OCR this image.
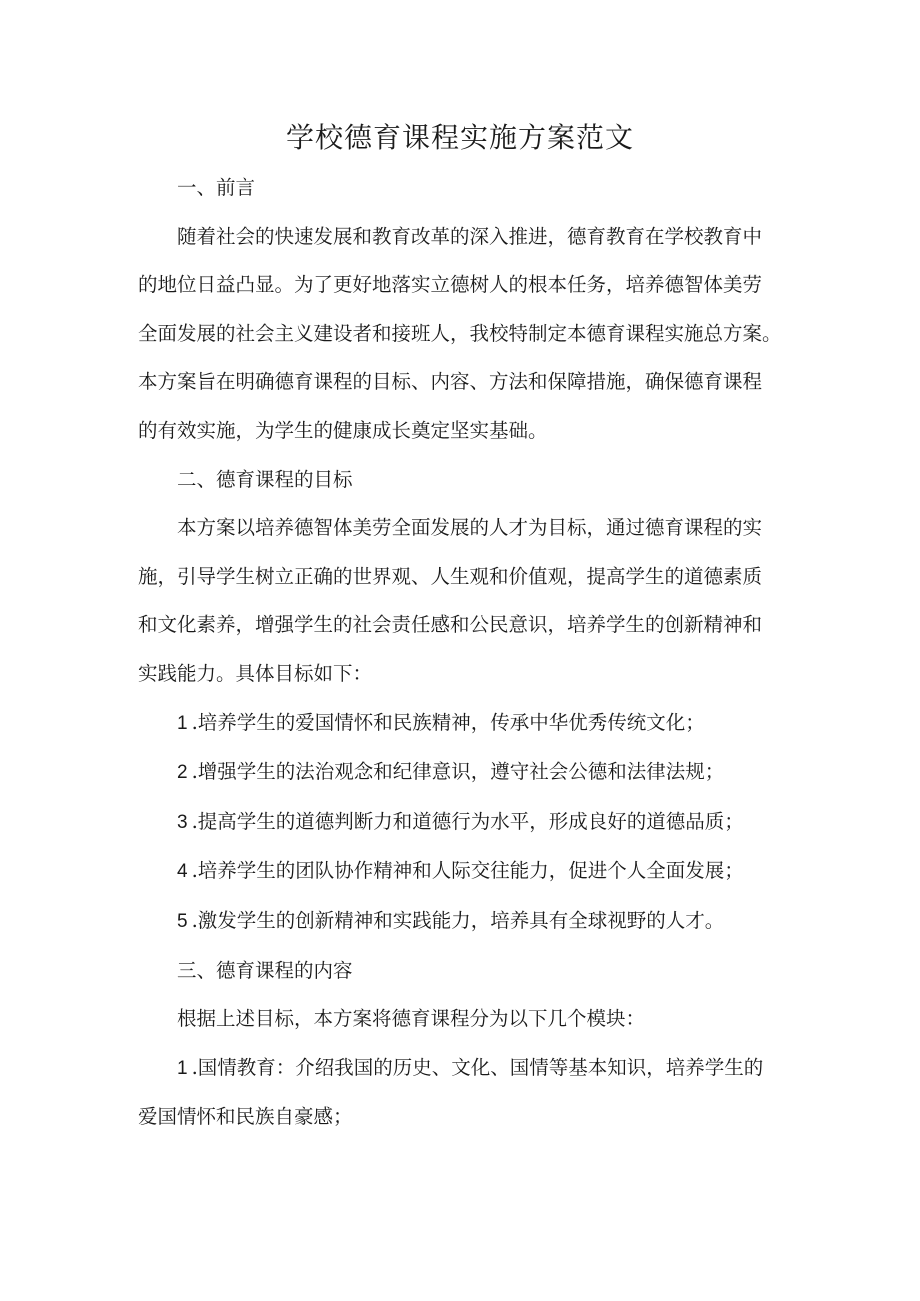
学校德育课程实施方案范文

一、前言

随着社会的快速发展和教育改革的深入推进，德育教育在学校教育中
的地位日益凸显。为了更好地落实立德树人的根本任务，培养德智体美劳
全面发展的社会主义建设者和接班人，我校特制定本德育课程实施总方案。
本方案旨在明确德育课程的目标、内容、方法和保障措施，确保德育课程
的有效实施，为学生的健康成长奠定坚实基础。

二、德育课程的目标

本方案以培养德智体美劳全面发展的人才为目标，通过德育课程的实
施，引导学生树立正确的世界观、人生观和价值观，提高学生的道德素质
和文化素养，增强学生的社会责任感和公民意识，培养学生的创新精神和
实践能力。具体目标如下：

1 .培养学生的爱国情怀和民族精神，传承中华优秀传统文化；

2 .增强学生的法治观念和纪律意识，遵守社会公德和法律法规；

3 .提高学生的道德判断力和道德行为水平，形成良好的道德品质；

4 .培养学生的团队协作精神和人际交往能力，促进个人全面发展；

5 .激发学生的创新精神和实践能力，培养具有全球视野的人才。

三、德育课程的内容

根据上述目标，本方案将德育课程分为以下几个模块：

1 .国情教育：介绍我国的历史、文化、国情等基本知识，培养学生的
爱国情怀和民族自豪感；
